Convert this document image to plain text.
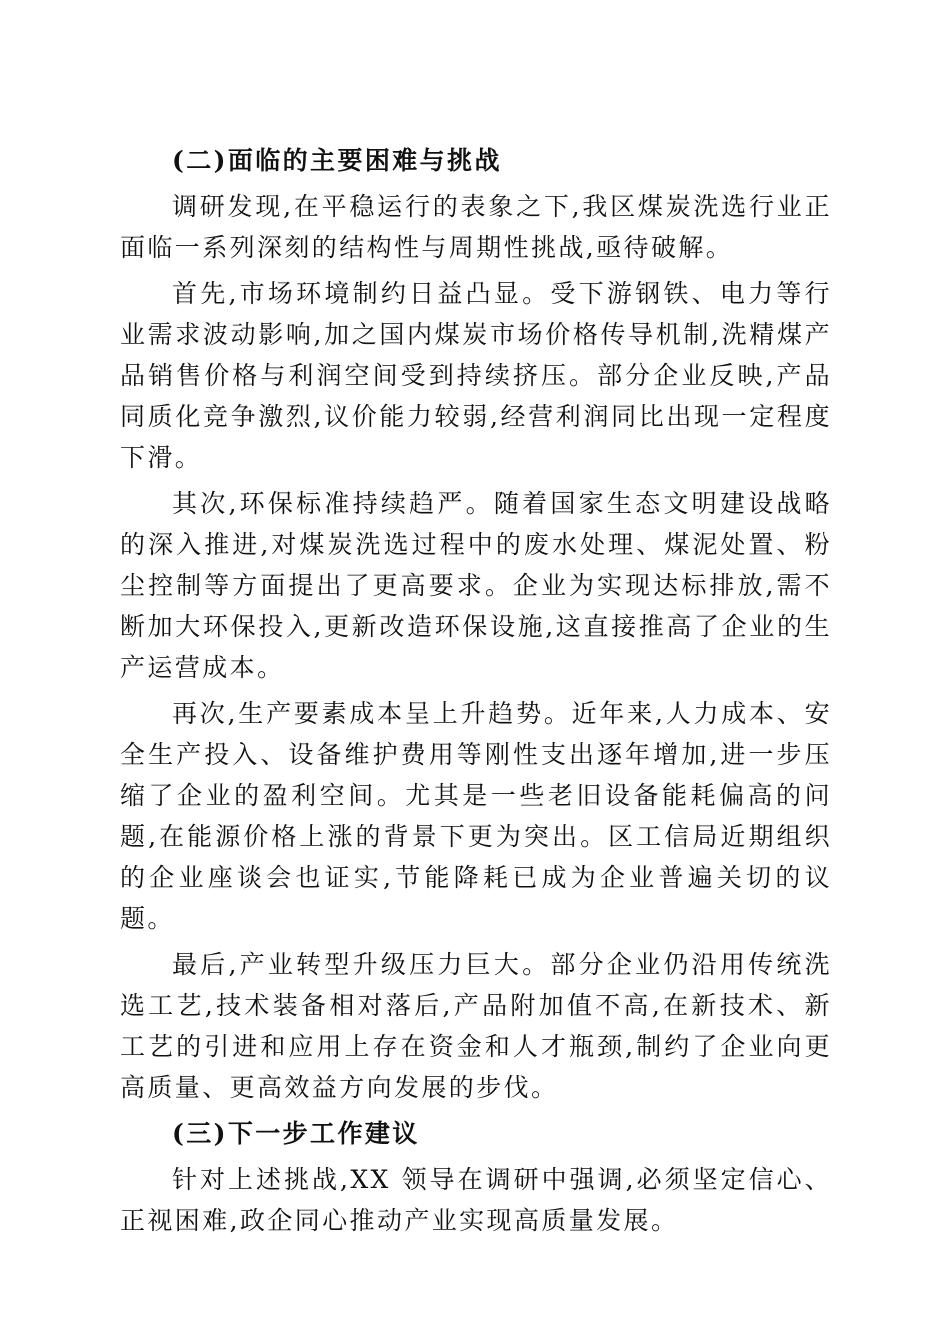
(二)面临的主要困难与挑战

调研发现,在平稳运行的表象之下,我区煤炭洗选行业正面临一系列深刻的结构性与周期性挑战,亟待破解。

首先,市场环境制约日益凸显。受下游钢铁、电力等行业需求波动影响,加之国内煤炭市场价格传导机制,洗精煤产品销售价格与利润空间受到持续挤压。部分企业反映,产品同质化竞争激烈,议价能力较弱,经营利润同比出现一定程度下滑。

其次,环保标准持续趋严。随着国家生态文明建设战略的深入推进,对煤炭洗选过程中的废水处理、煤泥处置、粉尘控制等方面提出了更高要求。企业为实现达标排放,需不断加大环保投入,更新改造环保设施,这直接推高了企业的生产运营成本。

再次,生产要素成本呈上升趋势。近年来,人力成本、安全生产投入、设备维护费用等刚性支出逐年增加,进一步压缩了企业的盈利空间。尤其是一些老旧设备能耗偏高的问题,在能源价格上涨的背景下更为突出。区工信局近期组织的企业座谈会也证实,节能降耗已成为企业普遍关切的议题。

最后,产业转型升级压力巨大。部分企业仍沿用传统洗选工艺,技术装备相对落后,产品附加值不高,在新技术、新工艺的引进和应用上存在资金和人才瓶颈,制约了企业向更高质量、更高效益方向发展的步伐。

(三)下一步工作建议

针对上述挑战,XX 领导在调研中强调,必须坚定信心、正视困难,政企同心推动产业实现高质量发展。
